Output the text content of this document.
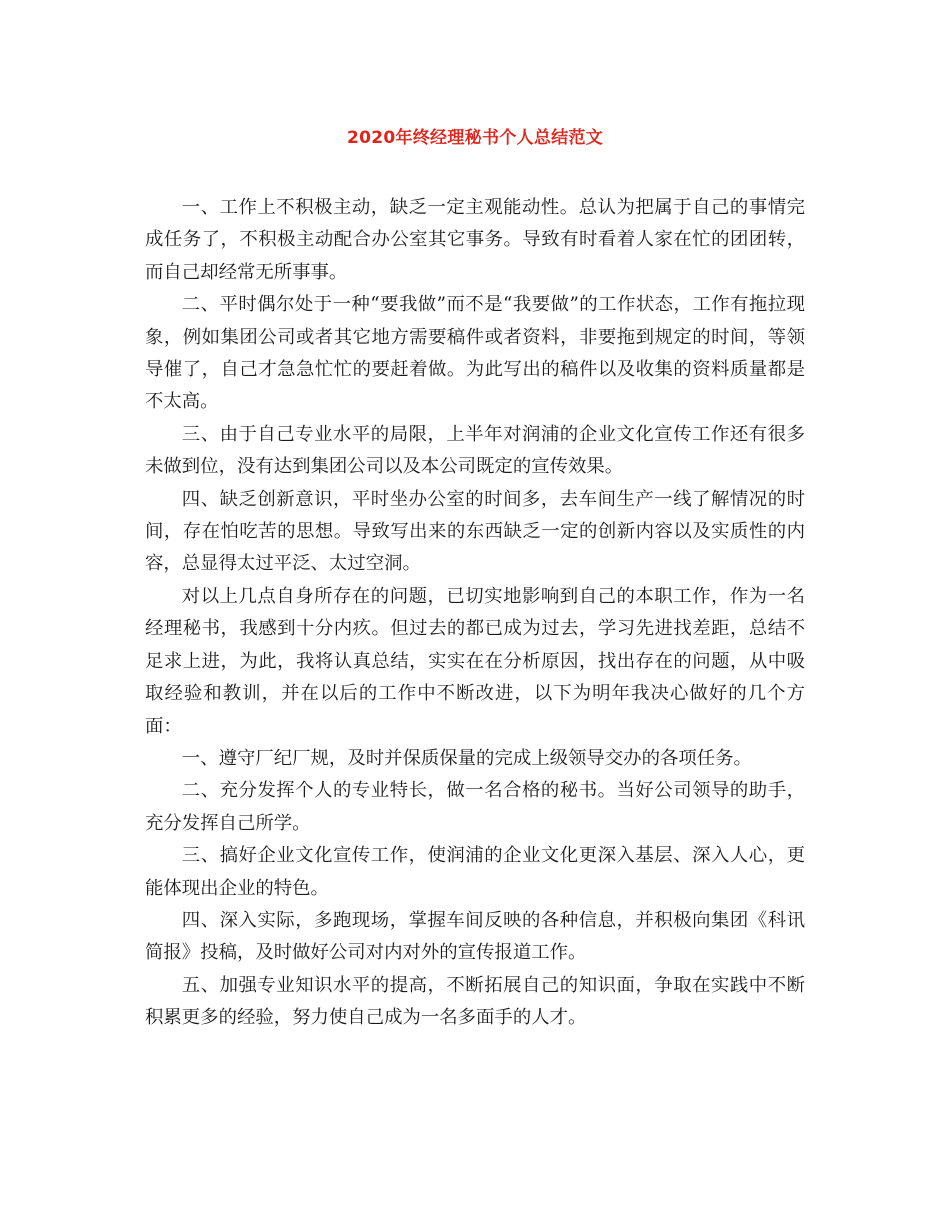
2020年终经理秘书个人总结范文

一、工作上不积极主动，缺乏一定主观能动性。总认为把属于自己的事情完成任务了，不积极主动配合办公室其它事务。导致有时看着人家在忙的团团转，而自己却经常无所事事。

二、平时偶尔处于一种“要我做”而不是“我要做”的工作状态，工作有拖拉现象，例如集团公司或者其它地方需要稿件或者资料，非要拖到规定的时间，等领导催了，自己才急急忙忙的要赶着做。为此写出的稿件以及收集的资料质量都是不太高。

三、由于自己专业水平的局限，上半年对润浦的企业文化宣传工作还有很多未做到位，没有达到集团公司以及本公司既定的宣传效果。

四、缺乏创新意识，平时坐办公室的时间多，去车间生产一线了解情况的时间，存在怕吃苦的思想。导致写出来的东西缺乏一定的创新内容以及实质性的内容，总显得太过平泛、太过空洞。

对以上几点自身所存在的问题，已切实地影响到自己的本职工作，作为一名经理秘书，我感到十分内疚。但过去的都已成为过去，学习先进找差距，总结不足求上进，为此，我将认真总结，实实在在分析原因，找出存在的问题，从中吸取经验和教训，并在以后的工作中不断改进，以下为明年我决心做好的几个方面：

一、遵守厂纪厂规，及时并保质保量的完成上级领导交办的各项任务。

二、充分发挥个人的专业特长，做一名合格的秘书。当好公司领导的助手，充分发挥自己所学。

三、搞好企业文化宣传工作，使润浦的企业文化更深入基层、深入人心，更能体现出企业的特色。

四、深入实际，多跑现场，掌握车间反映的各种信息，并积极向集团《科讯简报》投稿，及时做好公司对内对外的宣传报道工作。

五、加强专业知识水平的提高，不断拓展自己的知识面，争取在实践中不断积累更多的经验，努力使自己成为一名多面手的人才。
